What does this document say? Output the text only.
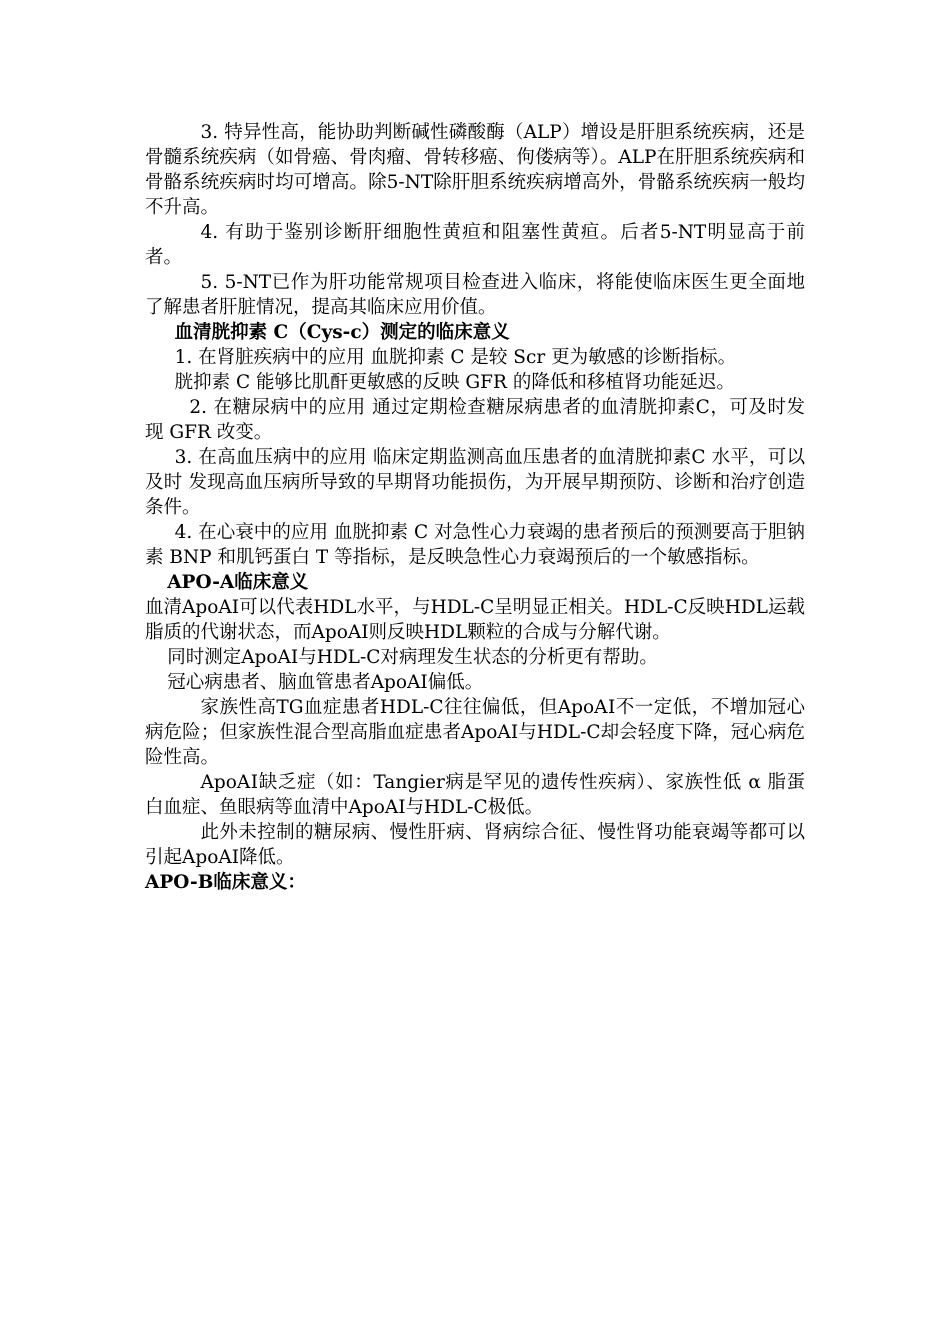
3. 特异性高，能协助判断碱性磷酸酶（ALP）增设是肝胆系统疾病，还是骨髓系统疾病（如骨癌、骨肉瘤、骨转移癌、佝偻病等）。ALP在肝胆系统疾病和骨骼系统疾病时均可增高。除5-NT除肝胆系统疾病增高外，骨骼系统疾病一般均不升高。

4. 有助于鉴别诊断肝细胞性黄疸和阻塞性黄疸。后者5-NT明显高于前者。

5. 5-NT已作为肝功能常规项目检查进入临床，将能使临床医生更全面地了解患者肝脏情况，提高其临床应用价值。

血清胱抑素 C（Cys-c）测定的临床意义

1. 在肾脏疾病中的应用 血胱抑素 C 是较 Scr 更为敏感的诊断指标。

胱抑素 C 能够比肌酐更敏感的反映 GFR 的降低和移植肾功能延迟。

2. 在糖尿病中的应用 通过定期检查糖尿病患者的血清胱抑素C，可及时发现 GFR 改变。

3. 在高血压病中的应用 临床定期监测高血压患者的血清胱抑素C 水平，可以及时 发现高血压病所导致的早期肾功能损伤，为开展早期预防、诊断和治疗创造条件。

4. 在心衰中的应用 血胱抑素 C 对急性心力衰竭的患者预后的预测要高于胆钠素 BNP 和肌钙蛋白 T 等指标，是反映急性心力衰竭预后的一个敏感指标。

APO-A临床意义

血清ApoAⅠ可以代表HDL水平，与HDL-C呈明显正相关。HDL-C反映HDL运载脂质的代谢状态，而ApoAⅠ则反映HDL颗粒的合成与分解代谢。

同时测定ApoAⅠ与HDL-C对病理发生状态的分析更有帮助。

冠心病患者、脑血管患者ApoAⅠ偏低。

家族性高TG血症患者HDL-C往往偏低，但ApoAⅠ不一定低，不增加冠心病危险；但家族性混合型高脂血症患者ApoAⅠ与HDL-C却会轻度下降，冠心病危险性高。

ApoAⅠ缺乏症（如：Tangier病是罕见的遗传性疾病）、家族性低 α 脂蛋白血症、鱼眼病等血清中ApoAⅠ与HDL-C极低。

此外未控制的糖尿病、慢性肝病、肾病综合征、慢性肾功能衰竭等都可以引起ApoAⅠ降低。

APO-B临床意义：
